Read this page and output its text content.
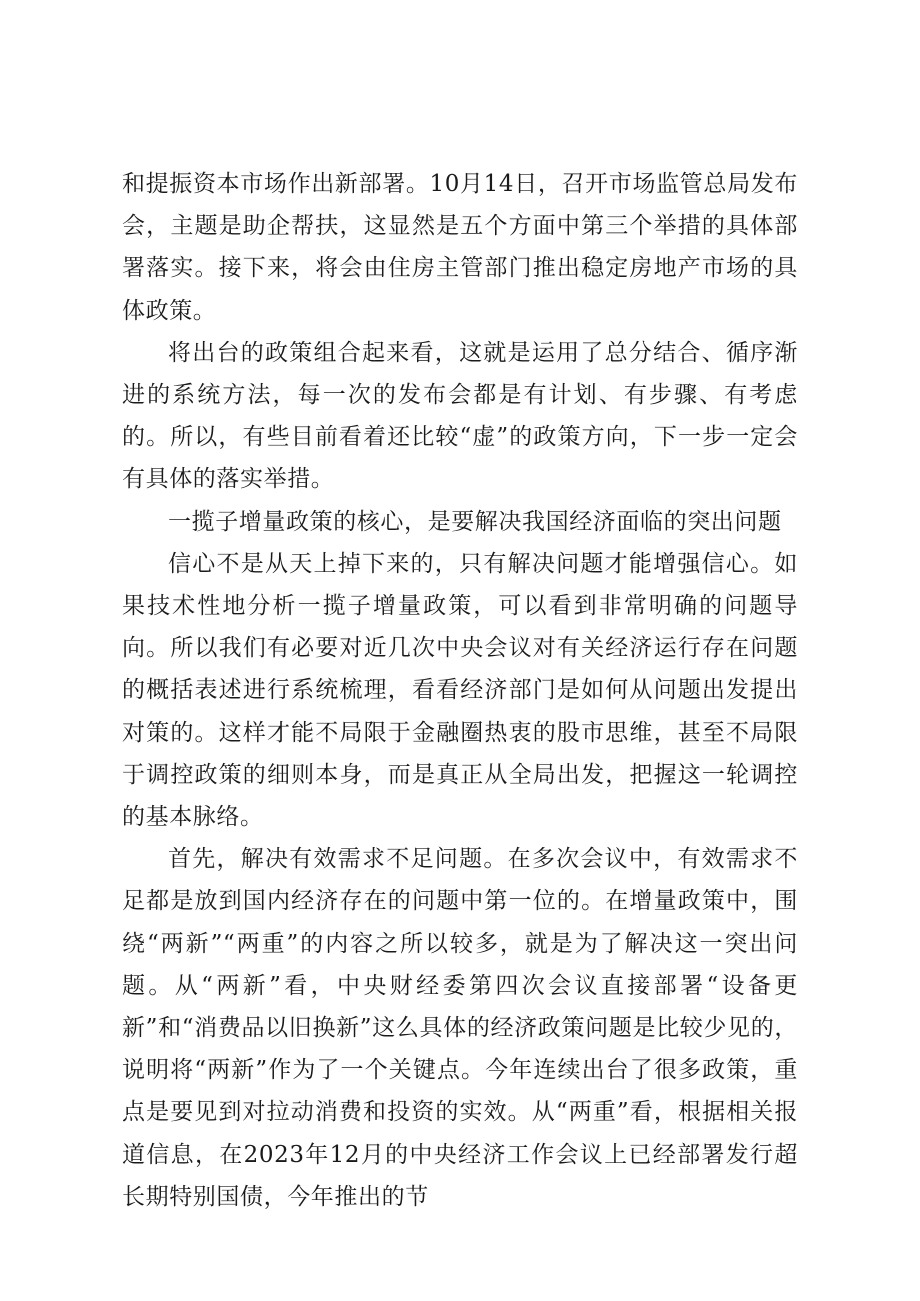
和提振资本市场作出新部署。10月14日，召开市场监管总局发布会，主题是助企帮扶，这显然是五个方面中第三个举措的具体部署落实。接下来，将会由住房主管部门推出稳定房地产市场的具体政策。

将出台的政策组合起来看，这就是运用了总分结合、循序渐进的系统方法，每一次的发布会都是有计划、有步骤、有考虑的。所以，有些目前看着还比较“虚”的政策方向，下一步一定会有具体的落实举措。

一揽子增量政策的核心，是要解决我国经济面临的突出问题

信心不是从天上掉下来的，只有解决问题才能增强信心。如果技术性地分析一揽子增量政策，可以看到非常明确的问题导向。所以我们有必要对近几次中央会议对有关经济运行存在问题的概括表述进行系统梳理，看看经济部门是如何从问题出发提出对策的。这样才能不局限于金融圈热衷的股市思维，甚至不局限于调控政策的细则本身，而是真正从全局出发，把握这一轮调控的基本脉络。

首先，解决有效需求不足问题。在多次会议中，有效需求不足都是放到国内经济存在的问题中第一位的。在增量政策中，围绕“两新”“两重”的内容之所以较多，就是为了解决这一突出问题。从“两新”看，中央财经委第四次会议直接部署“设备更新”和“消费品以旧换新”这么具体的经济政策问题是比较少见的，说明将“两新”作为了一个关键点。今年连续出台了很多政策，重点是要见到对拉动消费和投资的实效。从“两重”看，根据相关报道信息，在2023年12月的中央经济工作会议上已经部署发行超长期特别国债，今年推出的节
